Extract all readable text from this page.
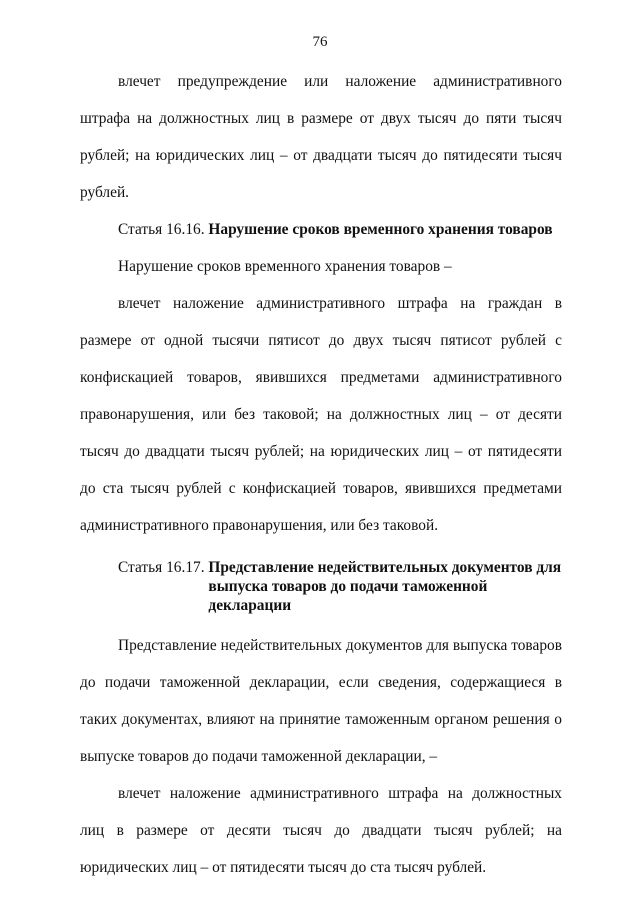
76

влечет предупреждение или наложение административного штрафа на должностных лиц в размере от двух тысяч до пяти тысяч рублей; на юридических лиц – от двадцати тысяч до пятидесяти тысяч рублей.

Статья 16.16. Нарушение сроков временного хранения товаров

Нарушение сроков временного хранения товаров –

влечет наложение административного штрафа на граждан в размере от одной тысячи пятисот до двух тысяч пятисот рублей с конфискацией товаров, явившихся предметами административного правонарушения, или без таковой; на должностных лиц – от десяти тысяч до двадцати тысяч рублей; на юридических лиц – от пятидесяти до ста тысяч рублей с конфискацией товаров, явившихся предметами административного правонарушения, или без таковой.

Статья 16.17. Представление недействительных документов для выпуска товаров до подачи таможенной декларации

Представление недействительных документов для выпуска товаров до подачи таможенной декларации, если сведения, содержащиеся в таких документах, влияют на принятие таможенным органом решения о выпуске товаров до подачи таможенной декларации, –

влечет наложение административного штрафа на должностных лиц в размере от десяти тысяч до двадцати тысяч рублей; на юридических лиц – от пятидесяти тысяч до ста тысяч рублей.
